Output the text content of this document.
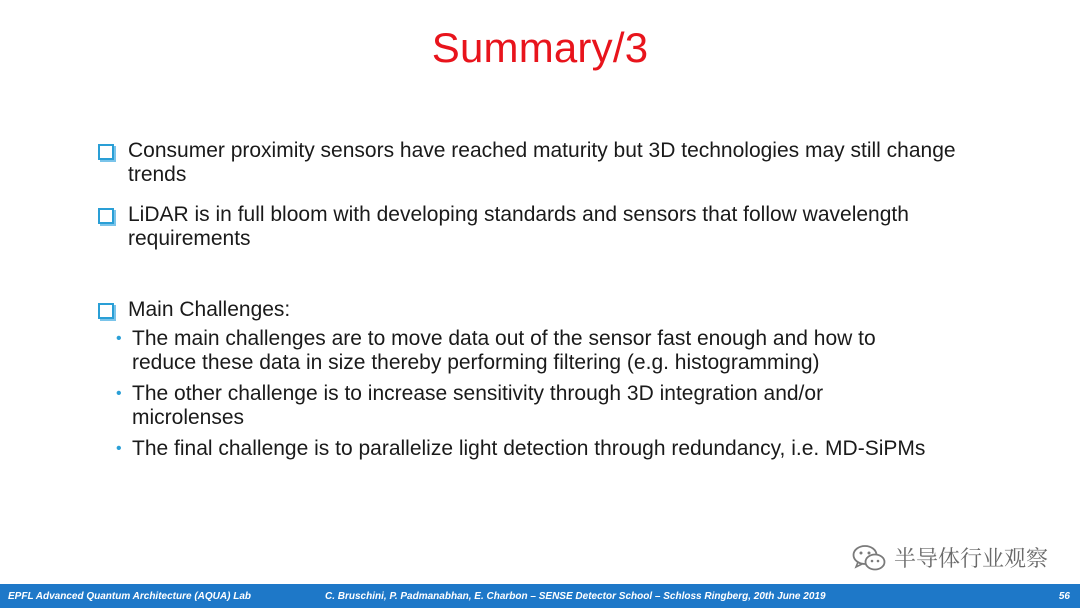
Summary/3
Consumer proximity sensors have reached maturity but 3D technologies may still change trends
LiDAR is in full bloom with developing standards and sensors that follow wavelength requirements
Main Challenges:
• The main challenges are to move data out of the sensor fast enough and how to reduce these data in size thereby performing filtering (e.g. histogramming)
• The other challenge is to increase sensitivity through 3D integration and/or microlenses
• The final challenge is to parallelize light detection through redundancy, i.e. MD-SiPMs
半导体行业观察
EPFL Advanced Quantum Architecture (AQUA) Lab	C. Bruschini, P. Padmanabhan, E. Charbon – SENSE Detector School – Schloss Ringberg, 20th June 2019	56
